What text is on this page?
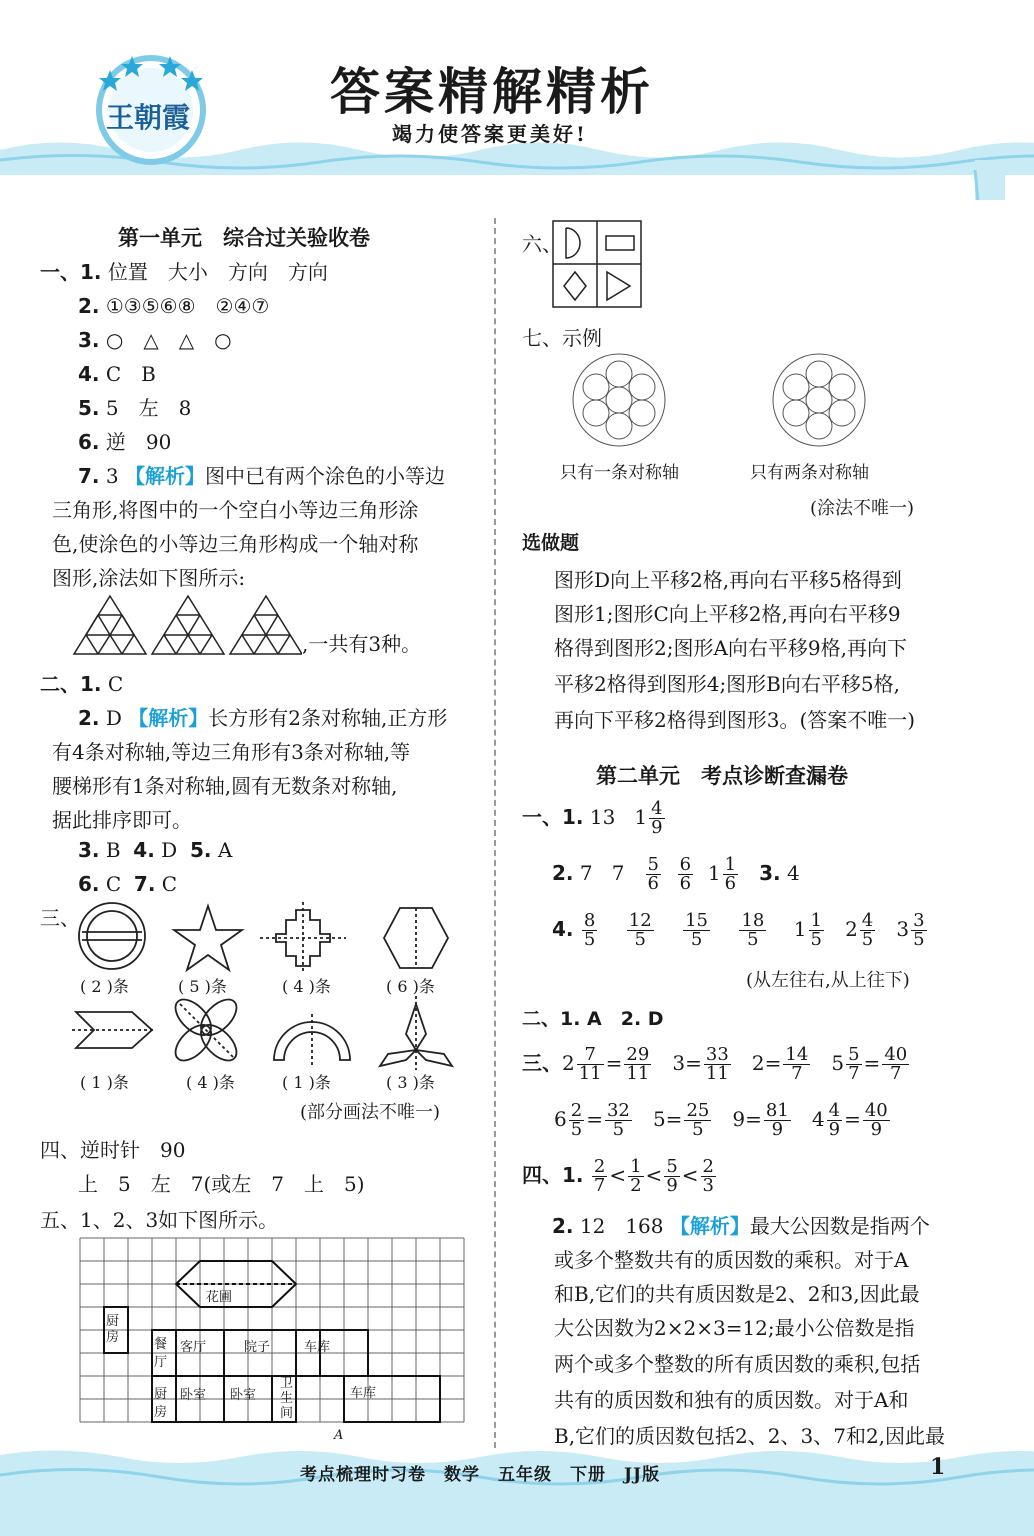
王朝霞	答案精解精析
竭力使答案更美好!
第一单元　综合过关验收卷
一、1. 位置　大小　方向　方向
2. ①③⑤⑥⑧　②④⑦
3. ○　△　△　○
4. C　B
5. 5　左　8
6. 逆　90
7. 3 【解析】图中已有两个涂色的小等边
三角形,将图中的一个空白小等边三角形涂
色,使涂色的小等边三角形构成一个轴对称
图形,涂法如下图所示:
,一共有3种。
二、1. C
2. D 【解析】长方形有2条对称轴,正方形
有4条对称轴,等边三角形有3条对称轴,等
腰梯形有1条对称轴,圆有无数条对称轴,
据此排序即可。
3. B 4. D 5. A
6. C 7. C
三、
( 2 )条	( 5 )条	( 4 )条	( 6 )条
( 1 )条	( 4 )条	( 1 )条	( 3 )条
(部分画法不唯一)
四、逆时针　90
上　5　左　7(或左　7　上　5)
五、1、2、3如下图所示。
花圃
厨房	餐厅
客厅	院子	车库
厨房
卧室 卧室
卫生间
车库
A
六、
七、示例
只有一条对称轴	只有两条对称轴
(涂法不唯一)
选做题
图形D向上平移2格,再向右平移5格得到
图形1;图形C向上平移2格,再向右平移9
格得到图形2;图形A向右平移9格,再向下
平移2格得到图形4;图形B向右平移5格,
再向下平移2格得到图形3。(答案不唯一)
第二单元　考点诊断查漏卷
一、1. 13 $1 \frac{4}{9}$
2. 7 $7 \frac{5}{6}$
$\frac{6}{6} 1 \frac{1}{6} 3$. 4
4. $\frac{8}{5}$
$\frac{12}{5}$
$\frac{15}{5}$
$\frac{18}{5} 1 \frac{1}{5} 2 \frac{4}{5} 3 \frac{3}{5}$
(从左往右,从上往下)
二、1. A　2. D
三、$2 \frac{7}{11} = \frac{29}{11} 3= \frac{33}{11} 2= \frac{14}{7} 5 \frac{5}{7} = \frac{40}{7}$
$6 \frac{2}{5} = \frac{32}{5} 5= \frac{25}{5} 9= \frac{81}{9} 4 \frac{4}{9} = \frac{40}{9}$
四、1. $\frac{2}{7} < \frac{1}{2} < \frac{5}{9} < \frac{2}{3}$
2. 12　168 【解析】最大公因数是指两个
或多个整数共有的质因数的乘积。对于A
和B,它们的共有质因数是2、2和3,因此最
大公因数为2×2×3=12;最小公倍数是指
两个或多个整数的所有质因数的乘积,包括
共有的质因数和独有的质因数。对于A和
B,它们的质因数包括2、2、3、7和2,因此最
考点梳理时习卷　数学　五年级　下册　JJ版	1
